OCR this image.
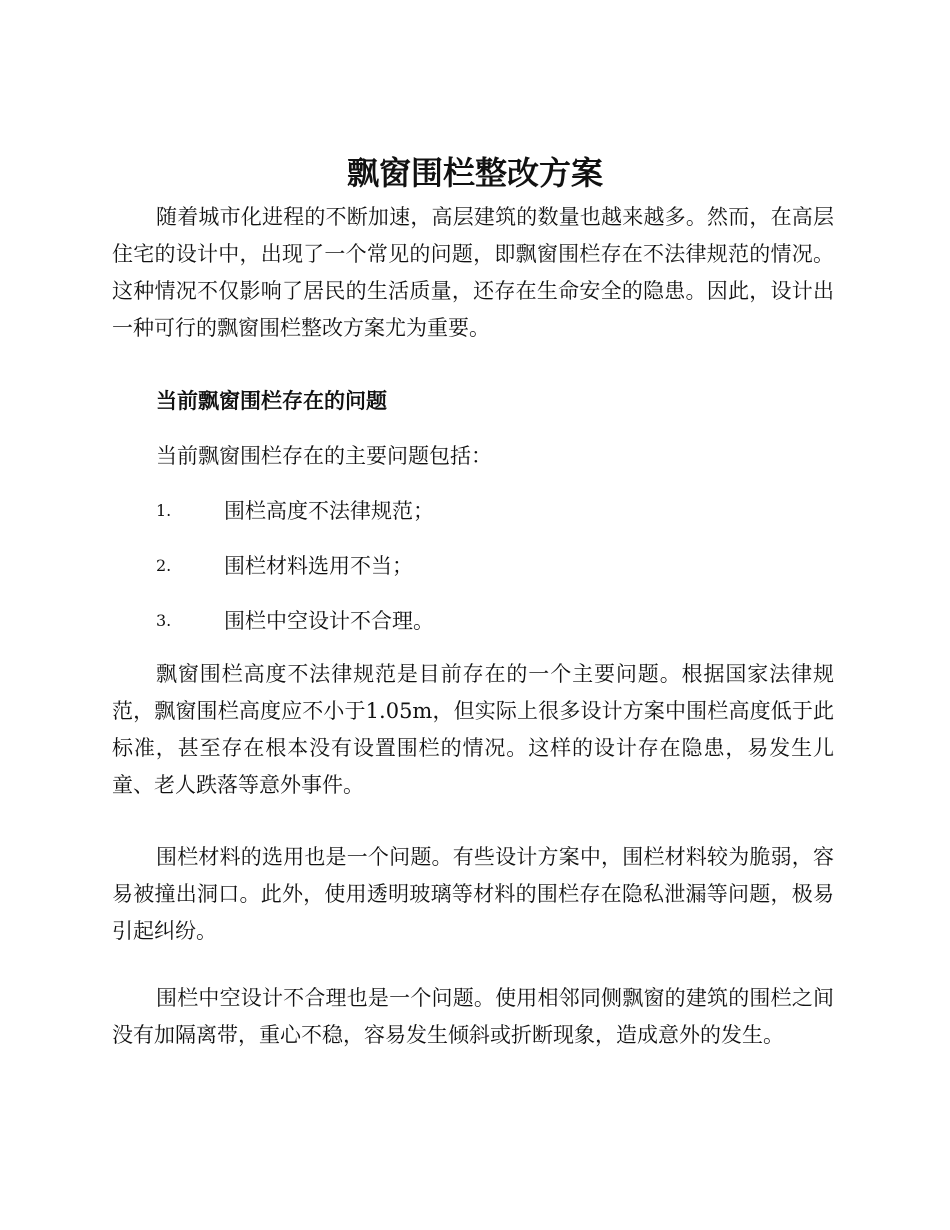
飘窗围栏整改方案

随着城市化进程的不断加速，高层建筑的数量也越来越多。然而，在高层住宅的设计中，出现了一个常见的问题，即飘窗围栏存在不法律规范的情况。这种情况不仅影响了居民的生活质量，还存在生命安全的隐患。因此，设计出一种可行的飘窗围栏整改方案尤为重要。

当前飘窗围栏存在的问题
当前飘窗围栏存在的主要问题包括：
1.	围栏高度不法律规范；
2.	围栏材料选用不当；
3.	围栏中空设计不合理。

飘窗围栏高度不法律规范是目前存在的一个主要问题。根据国家法律规范，飘窗围栏高度应不小于1.05m，但实际上很多设计方案中围栏高度低于此标准，甚至存在根本没有设置围栏的情况。这样的设计存在隐患，易发生儿童、老人跌落等意外事件。

围栏材料的选用也是一个问题。有些设计方案中，围栏材料较为脆弱，容易被撞出洞口。此外，使用透明玻璃等材料的围栏存在隐私泄漏等问题，极易引起纠纷。

围栏中空设计不合理也是一个问题。使用相邻同侧飘窗的建筑的围栏之间没有加隔离带，重心不稳，容易发生倾斜或折断现象，造成意外的发生。
